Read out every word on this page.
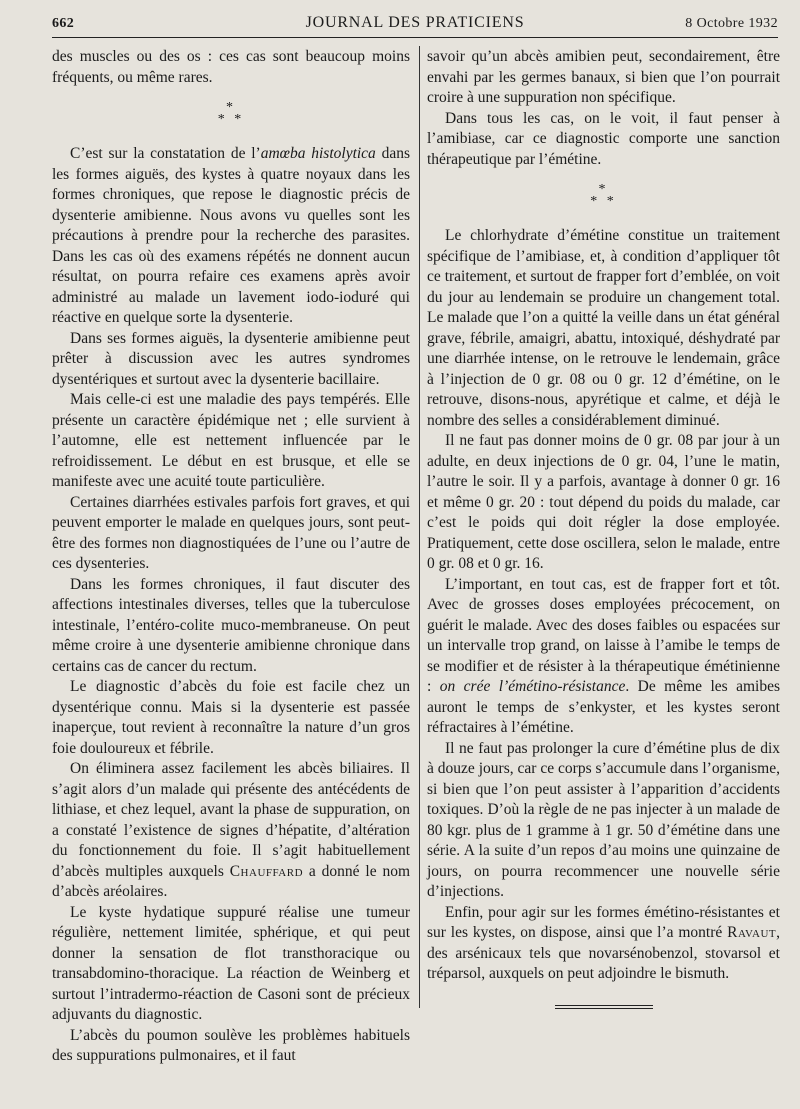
662	JOURNAL DES PRATICIENS	8 Octobre 1932

des muscles ou des os : ces cas sont beaucoup moins fréquents, ou même rares.

*
* *

C’est sur la constatation de l’amœba histolytica dans les formes aiguës, des kystes à quatre noyaux dans les formes chroniques, que repose le diagnostic précis de dysenterie amibienne. Nous avons vu quelles sont les précautions à prendre pour la recherche des parasites. Dans les cas où des examens répétés ne donnent aucun résultat, on pourra refaire ces examens après avoir administré au malade un lavement iodo-ioduré qui réactive en quelque sorte la dysenterie.

Dans ses formes aiguës, la dysenterie amibienne peut prêter à discussion avec les autres syndromes dysentériques et surtout avec la dysenterie bacillaire.

Mais celle-ci est une maladie des pays tempérés. Elle présente un caractère épidémique net ; elle survient à l’automne, elle est nettement influencée par le refroidissement. Le début en est brusque, et elle se manifeste avec une acuité toute particulière.

Certaines diarrhées estivales parfois fort graves, et qui peuvent emporter le malade en quelques jours, sont peut-être des formes non diagnostiquées de l’une ou l’autre de ces dysenteries.

Dans les formes chroniques, il faut discuter des affections intestinales diverses, telles que la tuberculose intestinale, l’entéro-colite muco-membraneuse. On peut même croire à une dysenterie amibienne chronique dans certains cas de cancer du rectum.

Le diagnostic d’abcès du foie est facile chez un dysentérique connu. Mais si la dysenterie est passée inaperçue, tout revient à reconnaître la nature d’un gros foie douloureux et fébrile.

On éliminera assez facilement les abcès biliaires. Il s’agit alors d’un malade qui présente des antécédents de lithiase, et chez lequel, avant la phase de suppuration, on a constaté l’existence de signes d’hépatite, d’altération du fonctionnement du foie. Il s’agit habituellement d’abcès multiples auxquels Chauffard a donné le nom d’abcès aréolaires.

Le kyste hydatique suppuré réalise une tumeur régulière, nettement limitée, sphérique, et qui peut donner la sensation de flot transthoracique ou transabdomino-thoracique. La réaction de Weinberg et surtout l’intradermo-réaction de Casoni sont de précieux adjuvants du diagnostic.

L’abcès du poumon soulève les problèmes habituels des suppurations pulmonaires, et il faut

savoir qu’un abcès amibien peut, secondairement, être envahi par les germes banaux, si bien que l’on pourrait croire à une suppuration non spécifique.

Dans tous les cas, on le voit, il faut penser à l’amibiase, car ce diagnostic comporte une sanction thérapeutique par l’émétine.

*
* *

Le chlorhydrate d’émétine constitue un traitement spécifique de l’amibiase, et, à condition d’appliquer tôt ce traitement, et surtout de frapper fort d’emblée, on voit du jour au lendemain se produire un changement total. Le malade que l’on a quitté la veille dans un état général grave, fébrile, amaigri, abattu, intoxiqué, déshydraté par une diarrhée intense, on le retrouve le lendemain, grâce à l’injection de 0 gr. 08 ou 0 gr. 12 d’émétine, on le retrouve, disons-nous, apyrétique et calme, et déjà le nombre des selles a considérablement diminué.

Il ne faut pas donner moins de 0 gr. 08 par jour à un adulte, en deux injections de 0 gr. 04, l’une le matin, l’autre le soir. Il y a parfois, avantage à donner 0 gr. 16 et même 0 gr. 20 : tout dépend du poids du malade, car c’est le poids qui doit régler la dose employée. Pratiquement, cette dose oscillera, selon le malade, entre 0 gr. 08 et 0 gr. 16.

L’important, en tout cas, est de frapper fort et tôt. Avec de grosses doses employées précocement, on guérit le malade. Avec des doses faibles ou espacées sur un intervalle trop grand, on laisse à l’amibe le temps de se modifier et de résister à la thérapeutique émétinienne : on crée l’émétino-résistance. De même les amibes auront le temps de s’enkyster, et les kystes seront réfractaires à l’émétine.

Il ne faut pas prolonger la cure d’émétine plus de dix à douze jours, car ce corps s’accumule dans l’organisme, si bien que l’on peut assister à l’apparition d’accidents toxiques. D’où la règle de ne pas injecter à un malade de 80 kgr. plus de 1 gramme à 1 gr. 50 d’émétine dans une série. A la suite d’un repos d’au moins une quinzaine de jours, on pourra recommencer une nouvelle série d’injections.

Enfin, pour agir sur les formes émétino-résistantes et sur les kystes, on dispose, ainsi que l’a montré Ravaut, des arsénicaux tels que novarsénobenzol, stovarsol et tréparsol, auxquels on peut adjoindre le bismuth.
